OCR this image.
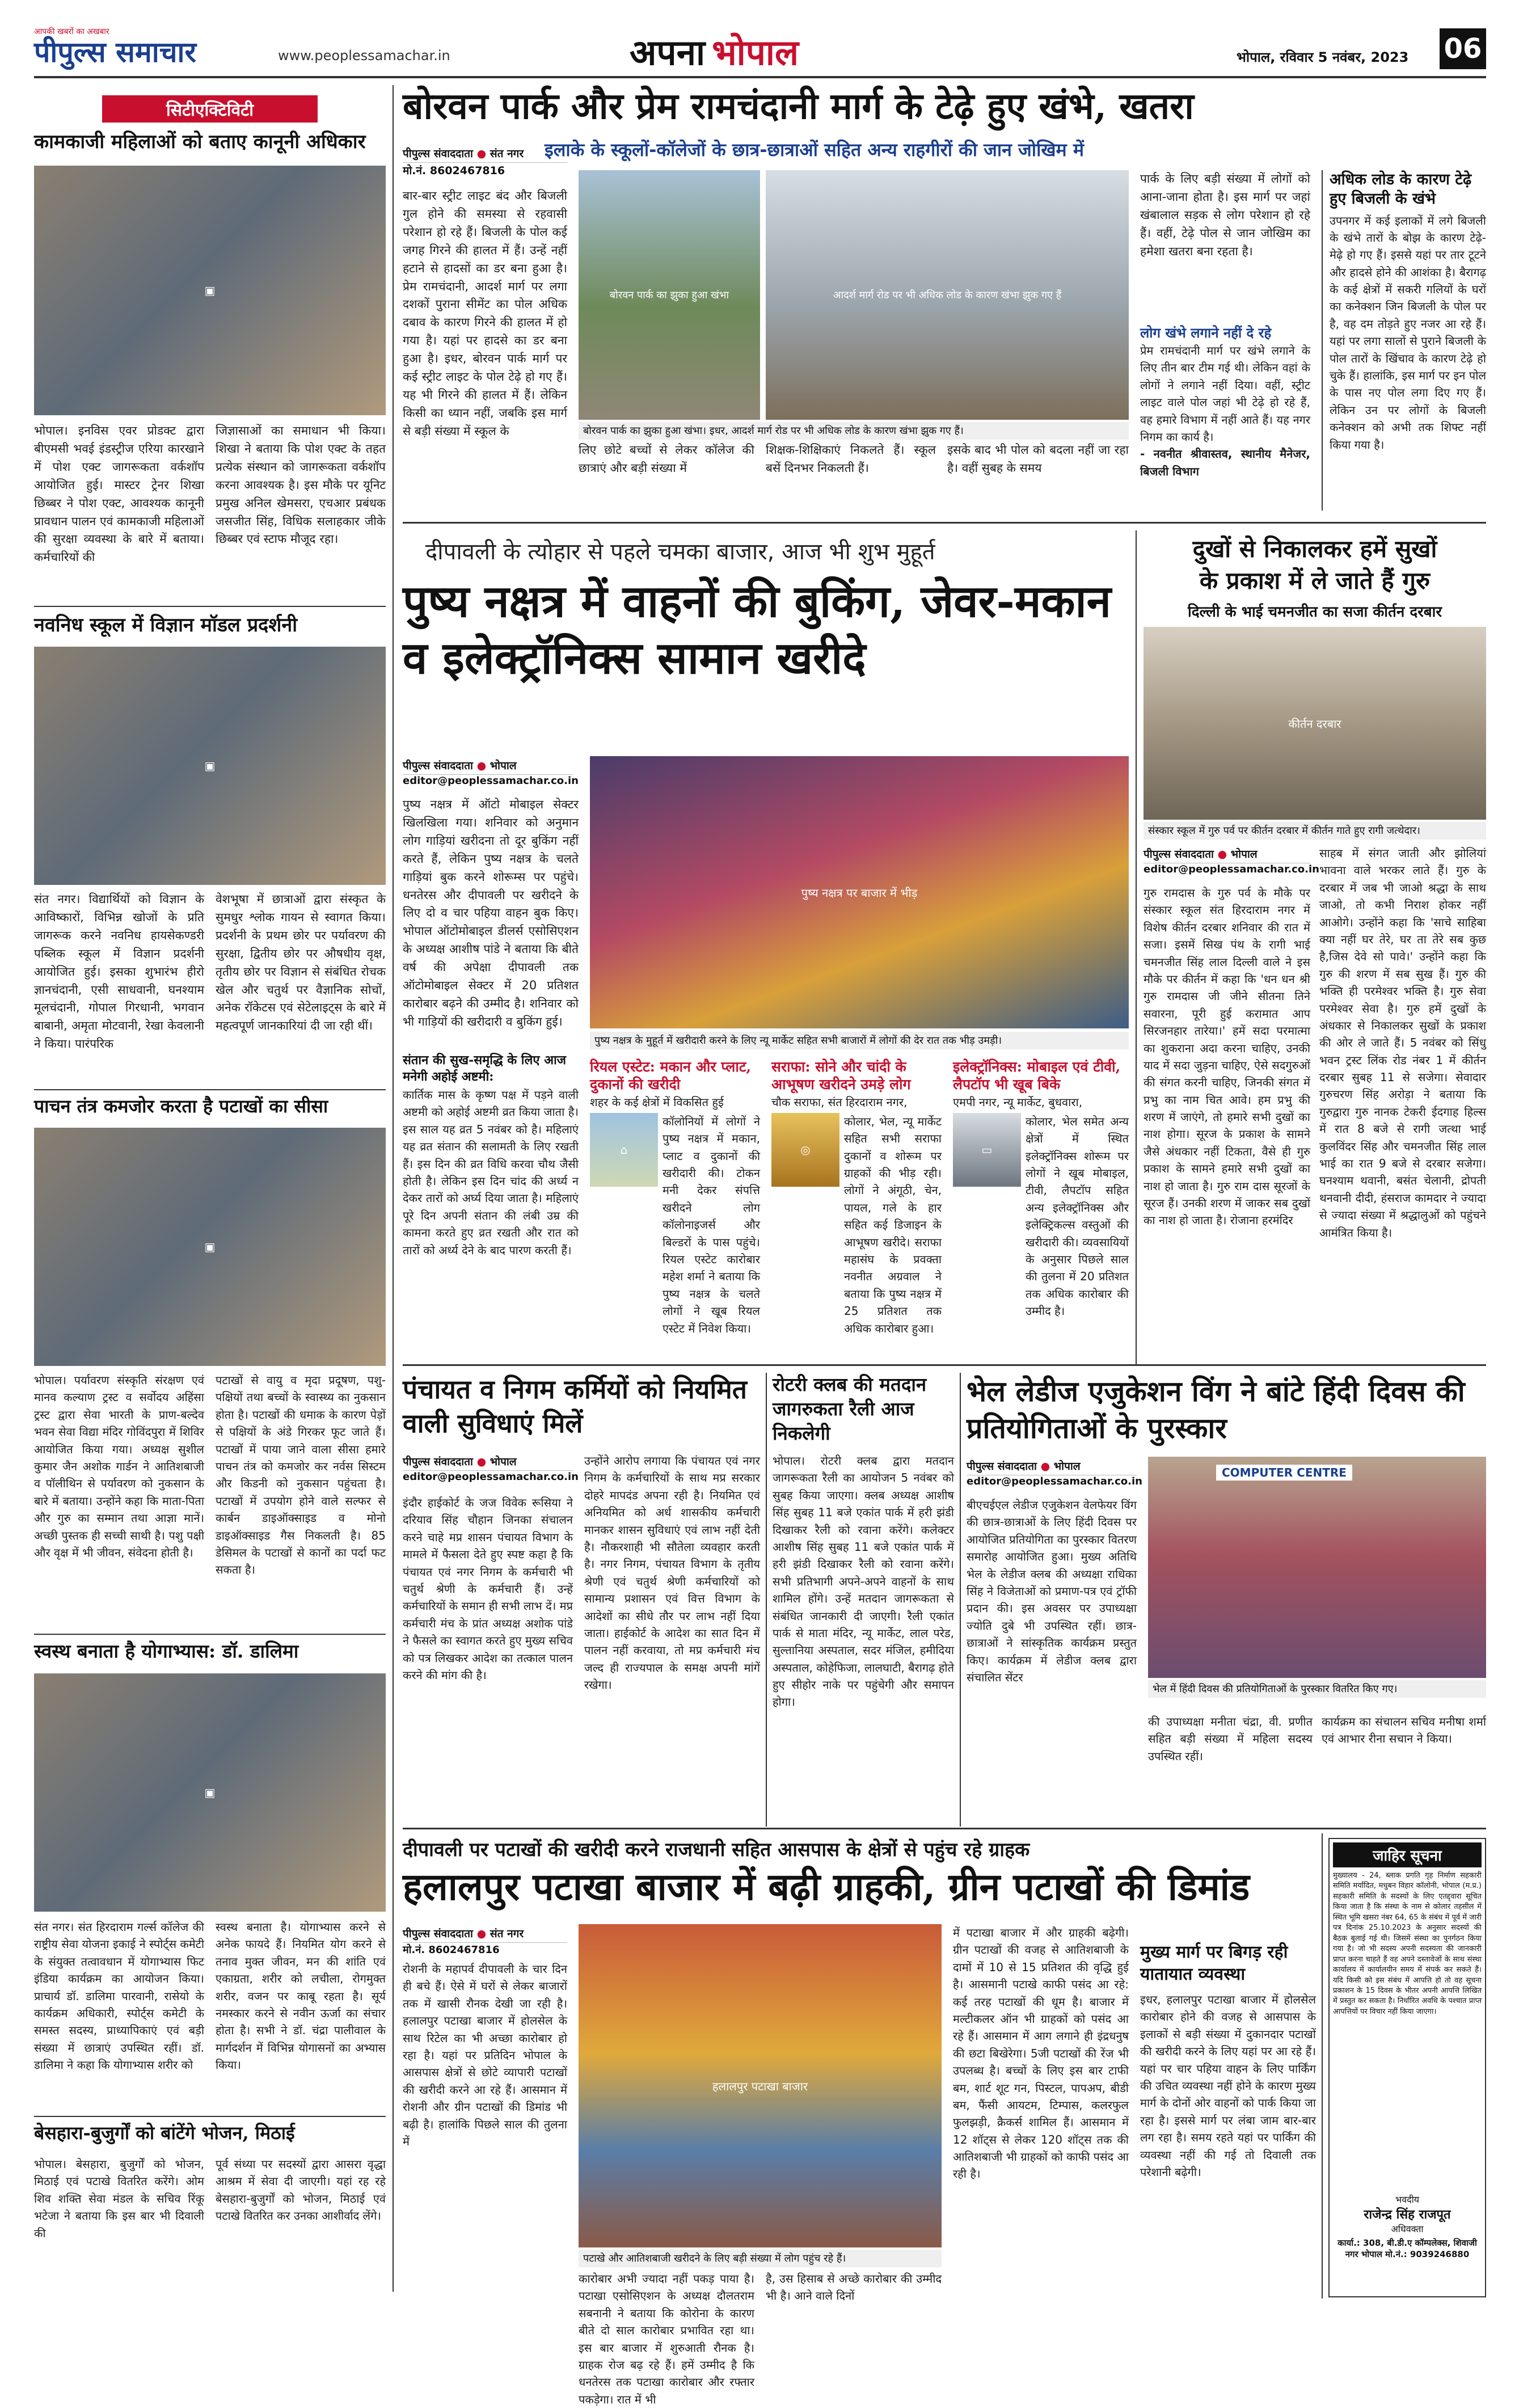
आपकी खबरों का अखबार
पीपुल्स समाचार	www.peoplessamachar.in	अपना भोपाल	भोपाल, रविवार 5 नवंबर, 2023 06
सिटीएक्टिविटी
कामकाजी महिलाओं को बताए कानूनी अधिकार
▣
भोपाल। इनविस एवर प्रोडक्ट द्वारा बीएमसी भवई इंडस्ट्रीज एरिया कारखाने में पोश एक्ट जागरूकता वर्कशॉप आयोजित हुई। मास्टर ट्रेनर शिखा छिब्बर ने पोश एक्ट, आवश्यक कानूनी प्रावधान पालन एवं कामकाजी महिलाओं की सुरक्षा व्यवस्था के बारे में बताया। कर्मचारियों की
जिज्ञासाओं का समाधान भी किया। शिखा ने बताया कि पोश एक्ट के तहत प्रत्येक संस्थान को जागरूकता वर्कशॉप करना आवश्यक है। इस मौके पर यूनिट प्रमुख अनिल खेमसरा, एचआर प्रबंधक जसजीत सिंह, विधिक सलाहकार जीके छिब्बर एवं स्टाफ मौजूद रहा।
नवनिध स्कूल में विज्ञान मॉडल प्रदर्शनी
▣
संत नगर। विद्यार्थियों को विज्ञान के आविष्कारों, विभिन्न खोजों के प्रति जागरूक करने नवनिध हायसेकण्डरी पब्लिक स्कूल में विज्ञान प्रदर्शनी आयोजित हुई। इसका शुभारंभ हीरो ज्ञानचंदानी, एसी साधवानी, घनश्याम मूलचंदानी, गोपाल गिरधानी, भगवान बाबानी, अमृता मोटवानी, रेखा केवलानी ने किया। पारंपरिक
वेशभूषा में छात्राओं द्वारा संस्कृत के सुमधुर श्लोक गायन से स्वागत किया। प्रदर्शनी के प्रथम छोर पर पर्यावरण की सुरक्षा, द्वितीय छोर पर औषधीय वृक्ष, तृतीय छोर पर विज्ञान से संबंधित रोचक खेल और चतुर्थ पर वैज्ञानिक सोचों, अनेक रॉकेटस एवं सेटेलाइट्स के बारे में महत्वपूर्ण जानकारियां दी जा रही थीं।
पाचन तंत्र कमजोर करता है पटाखों का सीसा
▣
भोपाल। पर्यावरण संस्कृति संरक्षण एवं मानव कल्याण ट्रस्ट व सर्वोदय अहिंसा ट्रस्ट द्वारा सेवा भारती के प्राण-बल्देव भवन सेवा विद्या मंदिर गोविंदपुरा में शिविर आयोजित किया गया। अध्यक्ष सुशील कुमार जैन अशोक गार्डन ने आतिशबाजी व पॉलीथिन से पर्यावरण को नुकसान के बारे में बताया। उन्होंने कहा कि माता-पिता और गुरु का सम्मान तथा आज्ञा मानें। अच्छी पुस्तक ही सच्ची साथी है। पशु पक्षी और वृक्ष में भी जीवन, संवेदना होती है।
पटाखों से वायु व मृदा प्रदूषण, पशु-पक्षियों तथा बच्चों के स्वास्थ्य का नुकसान होता है। पटाखों की धमाक के कारण पेड़ों से पक्षियों के अंडे गिरकर फूट जाते हैं। पटाखों में पाया जाने वाला सीसा हमारे पाचन तंत्र को कमजोर कर नर्वस सिस्टम और किडनी को नुकसान पहुंचता है। पटाखों में उपयोग होने वाले सल्फर से कार्बन डाइऑक्साइड व मोनो डाइऑक्साइड गैस निकलती है। 85 डेसिमल के पटाखों से कानों का पर्दा फट सकता है।
स्वस्थ बनाता है योगाभ्यास: डॉ. डालिमा
▣
संत नगर। संत हिरदाराम गर्ल्स कॉलेज की राष्ट्रीय सेवा योजना इकाई ने स्पोर्ट्स कमेटी के संयुक्त तत्वावधान में योगाभ्यास फिट इंडिया कार्यक्रम का आयोजन किया। प्राचार्य डॉ. डालिमा पारवानी, रासेयो के कार्यक्रम अधिकारी, स्पोर्ट्स कमेटी के समस्त सदस्य, प्राध्यापिकाएं एवं बड़ी संख्या में छात्राएं उपस्थित रहीं। डॉ. डालिमा ने कहा कि योगाभ्यास शरीर को
स्वस्थ बनाता है। योगाभ्यास करने से अनेक फायदे हैं। नियमित योग करने से तनाव मुक्त जीवन, मन की शांति एवं एकाग्रता, शरीर को लचीला, रोगमुक्त शरीर, वजन पर काबू रहता है। सूर्य नमस्कार करने से नवीन ऊर्जा का संचार होता है। सभी ने डॉ. चंद्रा पालीवाल के मार्गदर्शन में विभिन्न योगासनों का अभ्यास किया।
बेसहारा-बुजुर्गों को बांटेंगे भोजन, मिठाई
भोपाल। बेसहारा, बुजुर्गों को भोजन, मिठाई एवं पटाखे वितरित करेंगे। ओम शिव शक्ति सेवा मंडल के सचिव रिंकू भटेजा ने बताया कि इस बार भी दिवाली की
पूर्व संध्या पर सदस्यों द्वारा आसरा वृद्धा आश्रम में सेवा दी जाएगी। यहां रह रहे बेसहारा-बुजुर्गों को भोजन, मिठाई एवं पटाखे वितरित कर उनका आशीर्वाद लेंगे।
बोरवन पार्क और प्रेम रामचंदानी मार्ग के टेढ़े हुए खंभे, खतरा
इलाके के स्कूलों-कॉलेजों के छात्र-छात्राओं सहित अन्य राहगीरों की जान जोखिम में
पीपुल्स संवाददाता ● संत नगर
मो.नं. 8602467816
बार-बार स्ट्रीट लाइट बंद और बिजली गुल होने की समस्या से रहवासी परेशान हो रहे हैं। बिजली के पोल कई जगह गिरने की हालत में हैं। उन्हें नहीं हटाने से हादसों का डर बना हुआ है। प्रेम रामचंदानी, आदर्श मार्ग पर लगा दशकों पुराना सीमेंट का पोल अधिक दबाव के कारण गिरने की हालत में हो गया है। यहां पर हादसे का डर बना हुआ है। इधर, बोरवन पार्क मार्ग पर कई स्ट्रीट लाइट के पोल टेढ़े हो गए हैं। यह भी गिरने की हालत में हैं। लेकिन किसी का ध्यान नहीं, जबकि इस मार्ग से बड़ी संख्या में स्कूल के
बोरवन पार्क का झुका हुआ खंभा	आदर्श मार्ग रोड पर भी अधिक लोड के कारण खंभा झुक गए हैं
बोरवन पार्क का झुका हुआ खंभा। इधर, आदर्श मार्ग रोड पर भी अधिक लोड के कारण खंभा झुक गए हैं।
लिए छोटे बच्चों से लेकर कॉलेज की छात्राएं और बड़ी संख्या में
शिक्षक-शिक्षिकाएं निकलते हैं। स्कूल बसें दिनभर निकलती हैं।
इसके बाद भी पोल को बदला नहीं जा रहा है। वहीं सुबह के समय
पार्क के लिए बड़ी संख्या में लोगों को आना-जाना होता है। इस मार्ग पर जहां खंबालाल सड़क से लोग परेशान हो रहे हैं। वहीं, टेढ़े पोल से जान जोखिम का हमेशा खतरा बना रहता है।
लोग खंभे लगाने नहीं दे रहे
प्रेम रामचंदानी मार्ग पर खंभे लगाने के लिए तीन बार टीम गई थी। लेकिन वहां के लोगों ने लगाने नहीं दिया। वहीं, स्ट्रीट लाइट वाले पोल जहां भी टेढ़े हो रहे हैं, वह हमारे विभाग में नहीं आते हैं। यह नगर निगम का कार्य है।
- नवनीत श्रीवास्तव, स्थानीय मैनेजर, बिजली विभाग
अधिक लोड के कारण टेढ़े हुए बिजली के खंभे
उपनगर में कई इलाकों में लगे बिजली के खंभे तारों के बोझ के कारण टेढ़े-मेढ़े हो गए हैं। इससे यहां पर तार टूटने और हादसे होने की आशंका है। बैरागढ़ के कई क्षेत्रों में सकरी गलियों के घरों का कनेक्शन जिन बिजली के पोल पर है, वह दम तोड़ते हुए नजर आ रहे हैं। यहां पर लगा सालों से पुराने बिजली के पोल तारों के खिंचाव के कारण टेढ़े हो चुके हैं। हालांकि, इस मार्ग पर इन पोल के पास नए पोल लगा दिए गए हैं। लेकिन उन पर लोगों के बिजली कनेक्शन को अभी तक शिफ्ट नहीं किया गया है।
दीपावली के त्योहार से पहले चमका बाजार, आज भी शुभ मुहूर्त
पुष्य नक्षत्र में वाहनों की बुकिंग, जेवर-मकान व इलेक्ट्रॉनिक्स सामान खरीदे
पीपुल्स संवाददाता ● भोपाल
editor@peoplessamachar.co.in
पुष्य नक्षत्र में ऑटो मोबाइल सेक्टर खिलखिला गया। शनिवार को अनुमान लोग गाड़ियां खरीदना तो दूर बुकिंग नहीं करते हैं, लेकिन पुष्य नक्षत्र के चलते गाड़ियां बुक करने शोरूम्स पर पहुंचे। धनतेरस और दीपावली पर खरीदने के लिए दो व चार पहिया वाहन बुक किए। भोपाल ऑटोमोबाइल डीलर्स एसोसिएशन के अध्यक्ष आशीष पांडे ने बताया कि बीते वर्ष की अपेक्षा दीपावली तक ऑटोमोबाइल सेक्टर में 20 प्रतिशत कारोबार बढ़ने की उम्मीद है। शनिवार को भी गाड़ियों की खरीदारी व बुकिंग हुई।
संतान की सुख-समृद्धि के लिए आज मनेगी अहोई अष्टमी:
कार्तिक मास के कृष्ण पक्ष में पड़ने वाली अष्टमी को अहोई अष्टमी व्रत किया जाता है। इस साल यह व्रत 5 नवंबर को है। महिलाएं यह व्रत संतान की सलामती के लिए रखती हैं। इस दिन की व्रत विधि करवा चौथ जैसी होती है। लेकिन इस दिन चांद की अर्ध्य न देकर तारों को अर्घ्य दिया जाता है। महिलाएं पूरे दिन अपनी संतान की लंबी उम्र की कामना करते हुए व्रत रखती और रात को तारों को अर्ध्य देने के बाद पारण करती हैं।
पुष्य नक्षत्र पर बाजार में भीड़
पुष्य नक्षत्र के मुहूर्त में खरीदारी करने के लिए न्यू मार्केट सहित सभी बाजारों में लोगों की देर रात तक भीड़ उमड़ी।
रियल एस्टेट: मकान और प्लाट, दुकानों की खरीदी
शहर के कई क्षेत्रों में विकसित हुई
⌂
कॉलोनियों में लोगों ने पुष्य नक्षत्र में मकान, प्लाट व दुकानों की खरीदारी की। टोकन मनी देकर संपत्ति खरीदने लोग कॉलोनाइजर्स और बिल्डरों के पास पहुंचे। रियल एस्टेट कारोबार महेश शर्मा ने बताया कि पुष्य नक्षत्र के चलते लोगों ने खूब रियल एस्टेट में निवेश किया।
सराफा: सोने और चांदी के आभूषण खरीदने उमड़े लोग
चौक सराफा, संत हिरदाराम नगर,
◎
कोलार, भेल, न्यू मार्केट सहित सभी सराफा दुकानों व शोरूम पर ग्राहकों की भीड़ रही। लोगों ने अंगूठी, चेन, पायल, गले के हार सहित कई डिजाइन के आभूषण खरीदे। सराफा महासंघ के प्रवक्ता नवनीत अग्रवाल ने बताया कि पुष्य नक्षत्र में 25 प्रतिशत तक अधिक कारोबार हुआ।
इलेक्ट्रॉनिक्स: मोबाइल एवं टीवी, लैपटॉप भी खूब बिके
एमपी नगर, न्यू मार्केट, बुधवारा,
▭
कोलार, भेल समेत अन्य क्षेत्रों में स्थित इलेक्ट्रॉनिक्स शोरूम पर लोगों ने खूब मोबाइल, टीवी, लैपटॉप सहित अन्य इलेक्ट्रॉनिक्स और इलेक्ट्रिकल्स वस्तुओं की खरीदारी की। व्यवसायियों के अनुसार पिछले साल की तुलना में 20 प्रतिशत तक अधिक कारोबार की उम्मीद है।
दुखों से निकालकर हमें सुखों
के प्रकाश में ले जाते हैं गुरु
दिल्ली के भाई चमनजीत का सजा कीर्तन दरबार
कीर्तन दरबार
संस्कार स्कूल में गुरु पर्व पर कीर्तन दरबार में कीर्तन गाते हुए रागी जत्थेदार।
पीपुल्स संवाददाता ● भोपाल
editor@peoplessamachar.co.in
गुरु रामदास के गुरु पर्व के मौके पर संस्कार स्कूल संत हिरदाराम नगर में विशेष कीर्तन दरबार शनिवार की रात में सजा। इसमें सिख पंथ के रागी भाई चमनजीत सिंह लाल दिल्ली वाले ने इस मौके पर कीर्तन में कहा कि 'धन धन श्री गुरु रामदास जी जीने सीतना तिने सवारना, पूरी हुई करामात आप सिरजनहार तारेया।' हमें सदा परमात्मा का शुकराना अदा करना चाहिए, उनकी याद में सदा जुड़ना चाहिए, ऐसे सदगुरुओं की संगत करनी चाहिए, जिनकी संगत में प्रभु का नाम चित आवे। हम प्रभु की शरण में जाएंगे, तो हमारे सभी दुखों का नाश होगा। सूरज के प्रकाश के सामने जैसे अंधकार नहीं टिकता, वैसे ही गुरु प्रकाश के सामने हमारे सभी दुखों का नाश हो जाता है। गुरु राम दास सूरजों के सूरज हैं। उनकी शरण में जाकर सब दुखों का नाश हो जाता है। रोजाना हरमंदिर
साहब में संगत जाती और झोलियां भावना वाले भरकर लाते हैं। गुरु के दरबार में जब भी जाओ श्रद्धा के साथ जाओ, तो कभी निराश होकर नहीं आओगे। उन्होंने कहा कि 'साचे साहिबा क्या नहीं घर तेरे, घर ता तेरे सब कुछ है,जिस देवे सो पावे।' उन्होंने कहा कि गुरु की शरण में सब सुख हैं। गुरु की भक्ति ही परमेश्वर भक्ति है। गुरु सेवा परमेश्वर सेवा है। गुरु हमें दुखों के अंधकार से निकालकर सुखों के प्रकाश की ओर ले जाते हैं। 5 नवंबर को सिंधु भवन ट्रस्ट लिंक रोड नंबर 1 में कीर्तन दरबार सुबह 11 से सजेगा। सेवादार गुरुचरण सिंह अरोड़ा ने बताया कि गुरुद्वारा गुरु नानक टेकरी ईदगाह हिल्स में रात 8 बजे से रागी जत्था भाई कुलविंदर सिंह और चमनजीत सिंह लाल भाई का रात 9 बजे से दरबार सजेगा। घनश्याम थवानी, बसंत चेलानी, द्रोपती थनवानी दीदी, हंसराज कामदार ने ज्यादा से ज्यादा संख्या में श्रद्धालुओं को पहुंचने आमंत्रित किया है।
पंचायत व निगम कर्मियों को नियमित वाली सुविधाएं मिलें
पीपुल्स संवाददाता ● भोपाल
editor@peoplessamachar.co.in
इंदौर हाईकोर्ट के जज विवेक रूसिया ने दरियाव सिंह चौहान जिनका संचालन करने चाहे मप्र शासन पंचायत विभाग के मामले में फैसला देते हुए स्पष्ट कहा है कि पंचायत एवं नगर निगम के कर्मचारी भी चतुर्थ श्रेणी के कर्मचारी हैं। उन्हें कर्मचारियों के समान ही सभी लाभ दें। मप्र कर्मचारी मंच के प्रांत अध्यक्ष अशोक पांडे ने फैसले का स्वागत करते हुए मुख्य सचिव को पत्र लिखकर आदेश का तत्काल पालन करने की मांग की है।
उन्होंने आरोप लगाया कि पंचायत एवं नगर निगम के कर्मचारियों के साथ मप्र सरकार दोहरे मापदंड अपना रही है। नियमित एवं अनियमित को अर्ध शासकीय कर्मचारी मानकर शासन सुविधाएं एवं लाभ नहीं देती है। नौकरशाही भी सौतेला व्यवहार करती है। नगर निगम, पंचायत विभाग के तृतीय श्रेणी एवं चतुर्थ श्रेणी कर्मचारियों को सामान्य प्रशासन एवं वित्त विभाग के आदेशों का सीधे तौर पर लाभ नहीं दिया जाता। हाईकोर्ट के आदेश का सात दिन में पालन नहीं करवाया, तो मप्र कर्मचारी मंच जल्द ही राज्यपाल के समक्ष अपनी मांगें रखेगा।
रोटरी क्लब की मतदान जागरुकता रैली आज निकलेगी
भोपाल। रोटरी क्लब द्वारा मतदान जागरूकता रैली का आयोजन 5 नवंबर को सुबह किया जाएगा। क्लब अध्यक्ष आशीष सिंह सुबह 11 बजे एकांत पार्क में हरी झंडी दिखाकर रैली को रवाना करेंगे। कलेक्टर आशीष सिंह सुबह 11 बजे एकांत पार्क में हरी झंडी दिखाकर रैली को रवाना करेंगे। सभी प्रतिभागी अपने-अपने वाहनों के साथ शामिल होंगे। उन्हें मतदान जागरूकता से संबंधित जानकारी दी जाएगी। रैली एकांत पार्क से माता मंदिर, न्यू मार्केट, लाल परेड, सुल्तानिया अस्पताल, सदर मंजिल, हमीदिया अस्पताल, कोहेफिजा, लालघाटी, बैरागढ़ होते हुए सीहोर नाके पर पहुंचेगी और समापन होगा।
भेल लेडीज एजुकेशन विंग ने बांटे हिंदी दिवस की प्रतियोगिताओं के पुरस्कार
पीपुल्स संवाददाता ● भोपाल
editor@peoplessamachar.co.in
बीएचईएल लेडीज एजुकेशन वेलफेयर विंग की छात्र-छात्राओं के लिए हिंदी दिवस पर आयोजित प्रतियोगिता का पुरस्कार वितरण समारोह आयोजित हुआ। मुख्य अतिथि भेल के लेडीज क्लब की अध्यक्षा राधिका सिंह ने विजेताओं को प्रमाण-पत्र एवं ट्रॉफी प्रदान की। इस अवसर पर उपाध्यक्षा ज्योति दुबे भी उपस्थित रहीं। छात्र-छात्राओं ने सांस्कृतिक कार्यक्रम प्रस्तुत किए। कार्यक्रम में लेडीज क्लब द्वारा संचालित सेंटर
COMPUTER CENTRE
भेल में हिंदी दिवस की प्रतियोगिताओं के पुरस्कार वितरित किए गए।
की उपाध्यक्षा मनीता चंद्रा, वी. प्रणीत सहित बड़ी संख्या में महिला सदस्य उपस्थित रहीं।
कार्यक्रम का संचालन सचिव मनीषा शर्मा एवं आभार रीना सचान ने किया।
दीपावली पर पटाखों की खरीदी करने राजधानी सहित आसपास के क्षेत्रों से पहुंच रहे ग्राहक
हलालपुर पटाखा बाजार में बढ़ी ग्राहकी, ग्रीन पटाखों की डिमांड
पीपुल्स संवाददाता ● संत नगर
मो.नं. 8602467816
रोशनी के महापर्व दीपावली के चार दिन ही बचे हैं। ऐसे में घरों से लेकर बाजारों तक में खासी रौनक देखी जा रही है। हलालपुर पटाखा बाजार में होलसेल के साथ रिटेल का भी अच्छा कारोबार हो रहा है। यहां पर प्रतिदिन भोपाल के आसपास क्षेत्रों से छोटे व्यापारी पटाखों की खरीदी करने आ रहे हैं। आसमान में रोशनी और ग्रीन पटाखों की डिमांड भी बढ़ी है। हालांकि पिछले साल की तुलना में
हलालपुर पटाखा बाजार
पटाखे और आतिशबाजी खरीदने के लिए बड़ी संख्या में लोग पहुंच रहे हैं।
कारोबार अभी ज्यादा नहीं पकड़ पाया है। पटाखा एसोसिएशन के अध्यक्ष दौलतराम सबनानी ने बताया कि कोरोना के कारण बीते दो साल कारोबार प्रभावित रहा था। इस बार बाजार में शुरुआती रौनक है। ग्राहक रोज बढ़ रहे हैं। हमें उम्मीद है कि धनतेरस तक पटाखा कारोबार और रफ्तार पकड़ेगा। रात में भी
है, उस हिसाब से अच्छे कारोबार की उम्मीद भी है। आने वाले दिनों
में पटाखा बाजार में और ग्राहकी बढ़ेगी। ग्रीन पटाखों की वजह से आतिशबाजी के दामों में 10 से 15 प्रतिशत की वृद्धि हुई है। आसमानी पटाखे काफी पसंद आ रहे: कई तरह पटाखों की धूम है। बाजार में मल्टीकलर ऑन भी ग्राहकों को पसंद आ रहे हैं। आसमान में आग लगाने ही इंद्रधनुष की छटा बिखेरेगा। 5जी पटाखों की रेंज भी उपलब्ध है। बच्चों के लिए इस बार टाफी बम, शार्ट शूट गन, पिस्टल, पापअप, बीडी बम, फैंसी आयटम, टिम्पास, कलरफुल फुलझड़ी, क्रैकर्स शामिल हैं। आसमान में 12 शॉट्स से लेकर 120 शॉट्स तक की आतिशबाजी भी ग्राहकों को काफी पसंद आ रही है।
मुख्य मार्ग पर बिगड़ रही यातायात व्यवस्था
इधर, हलालपुर पटाखा बाजार में होलसेल कारोबार होने की वजह से आसपास के इलाकों से बड़ी संख्या में दुकानदार पटाखों की खरीदी करने के लिए यहां पर आ रहे हैं। यहां पर चार पहिया वाहन के लिए पार्किंग की उचित व्यवस्था नहीं होने के कारण मुख्य मार्ग के दोनों ओर वाहनों को पार्क किया जा रहा है। इससे मार्ग पर लंबा जाम बार-बार लग रहा है। समय रहते यहां पर पार्किंग की व्यवस्था नहीं की गई तो दिवाली तक परेशानी बढ़ेगी।
जाहिर सूचना
मुख्यालय - 24, ब्लाक प्रगति गृह निर्माण सहकारी समिति मर्यादित, मधुबन विहार कॉलोनी, भोपाल (म.प्र.) सहकारी समिति के सदस्यों के लिए एतद्द्वारा सूचित किया जाता है कि संस्था के नाम से कोलार तहसील में स्थित भूमि खसरा नंबर 64, 65 के संबंध में पूर्व में जारी पत्र दिनांक 25.10.2023 के अनुसार सदस्यों की बैठक बुलाई गई थी। जिसमें संस्था का पुनर्गठन किया गया है। जो भी सदस्य अपनी सदस्यता की जानकारी प्राप्त करना चाहते हैं वह अपने दस्तावेजों के साथ संस्था कार्यालय में कार्यालयीन समय में संपर्क कर सकते हैं। यदि किसी को इस संबंध में आपत्ति हो तो वह सूचना प्रकाशन के 15 दिवस के भीतर अपनी आपत्ति लिखित में प्रस्तुत कर सकता है। निर्धारित अवधि के पश्चात प्राप्त आपत्तियों पर विचार नहीं किया जाएगा।
भवदीय
राजेन्द्र सिंह राजपूत
अधिवक्ता
कार्या.: 308, बी.डी.ए कॉम्पलेक्स, शिवाजी नगर भोपाल मो.नं.: 9039246880
